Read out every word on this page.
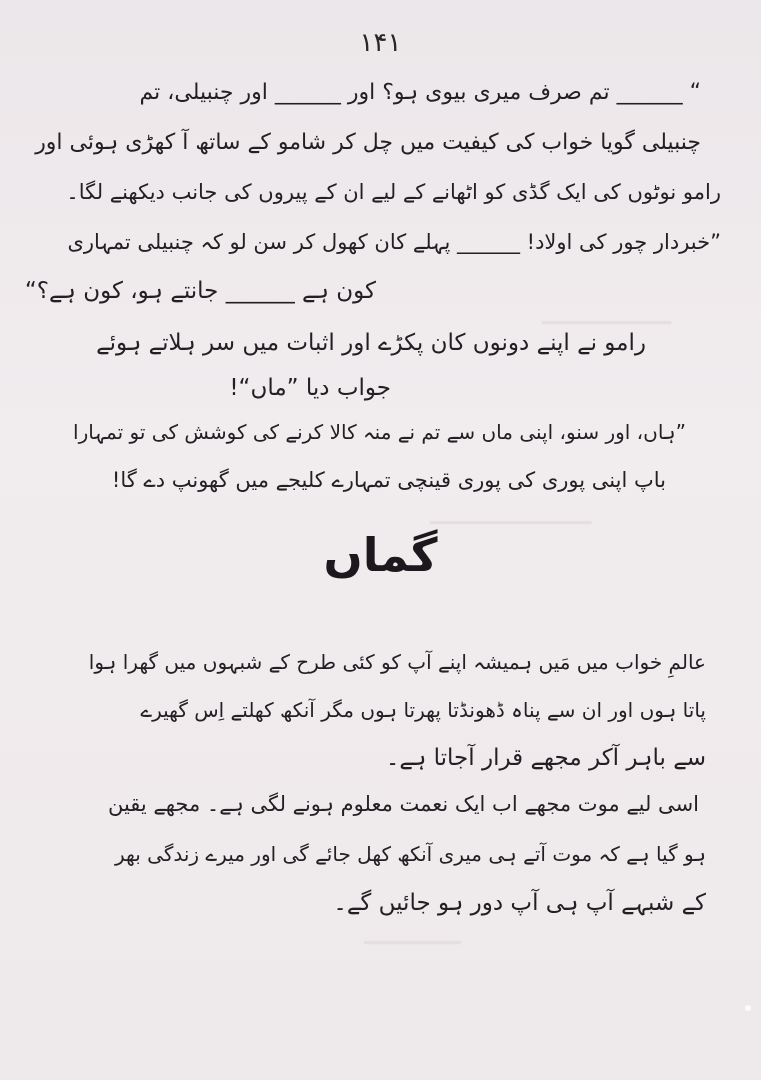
۱۴۱
▁▁▁▁▁▁▁▁
▁▁▁▁▁▁▁▁▁▁
▁▁▁▁▁▁
“ ______ تم صرف میری بیوی ہو؟ اور ______ اور چنبیلی، تم
چنبیلی گویا خواب کی کیفیت میں چل کر شامو کے ساتھ آ کھڑی ہوئی اور
رامو نوٹوں کی ایک گڈی کو اٹھانے کے لیے ان کے پیروں کی جانب دیکھنے لگا۔
”خبردار چور کی اولاد! ______ پہلے کان کھول کر سن لو کہ چنبیلی تمہاری
کون ہے ______ جانتے ہو، کون ہے؟“
رامو نے اپنے دونوں کان پکڑے اور اثبات میں سر ہلاتے ہوئے
جواب دیا ”ماں“!
”ہاں، اور سنو، اپنی ماں سے تم نے منہ کالا کرنے کی کوشش کی تو تمہارا
باپ اپنی پوری کی پوری قینچی تمہارے کلیجے میں گھونپ دے گا!
گماں
عالمِ خواب میں مَیں ہمیشہ اپنے آپ کو کئی طرح کے شبہوں میں گھرا ہوا
پاتا ہوں اور ان سے پناہ ڈھونڈتا پھرتا ہوں مگر آنکھ کھلتے اِس گھیرے
سے باہر آکر مجھے قرار آجاتا ہے۔
اسی لیے موت مجھے اب ایک نعمت معلوم ہونے لگی ہے۔ مجھے یقین
ہو گیا ہے کہ موت آتے ہی میری آنکھ کھل جائے گی اور میرے زندگی بھر
کے شبہے آپ ہی آپ دور ہو جائیں گے۔
